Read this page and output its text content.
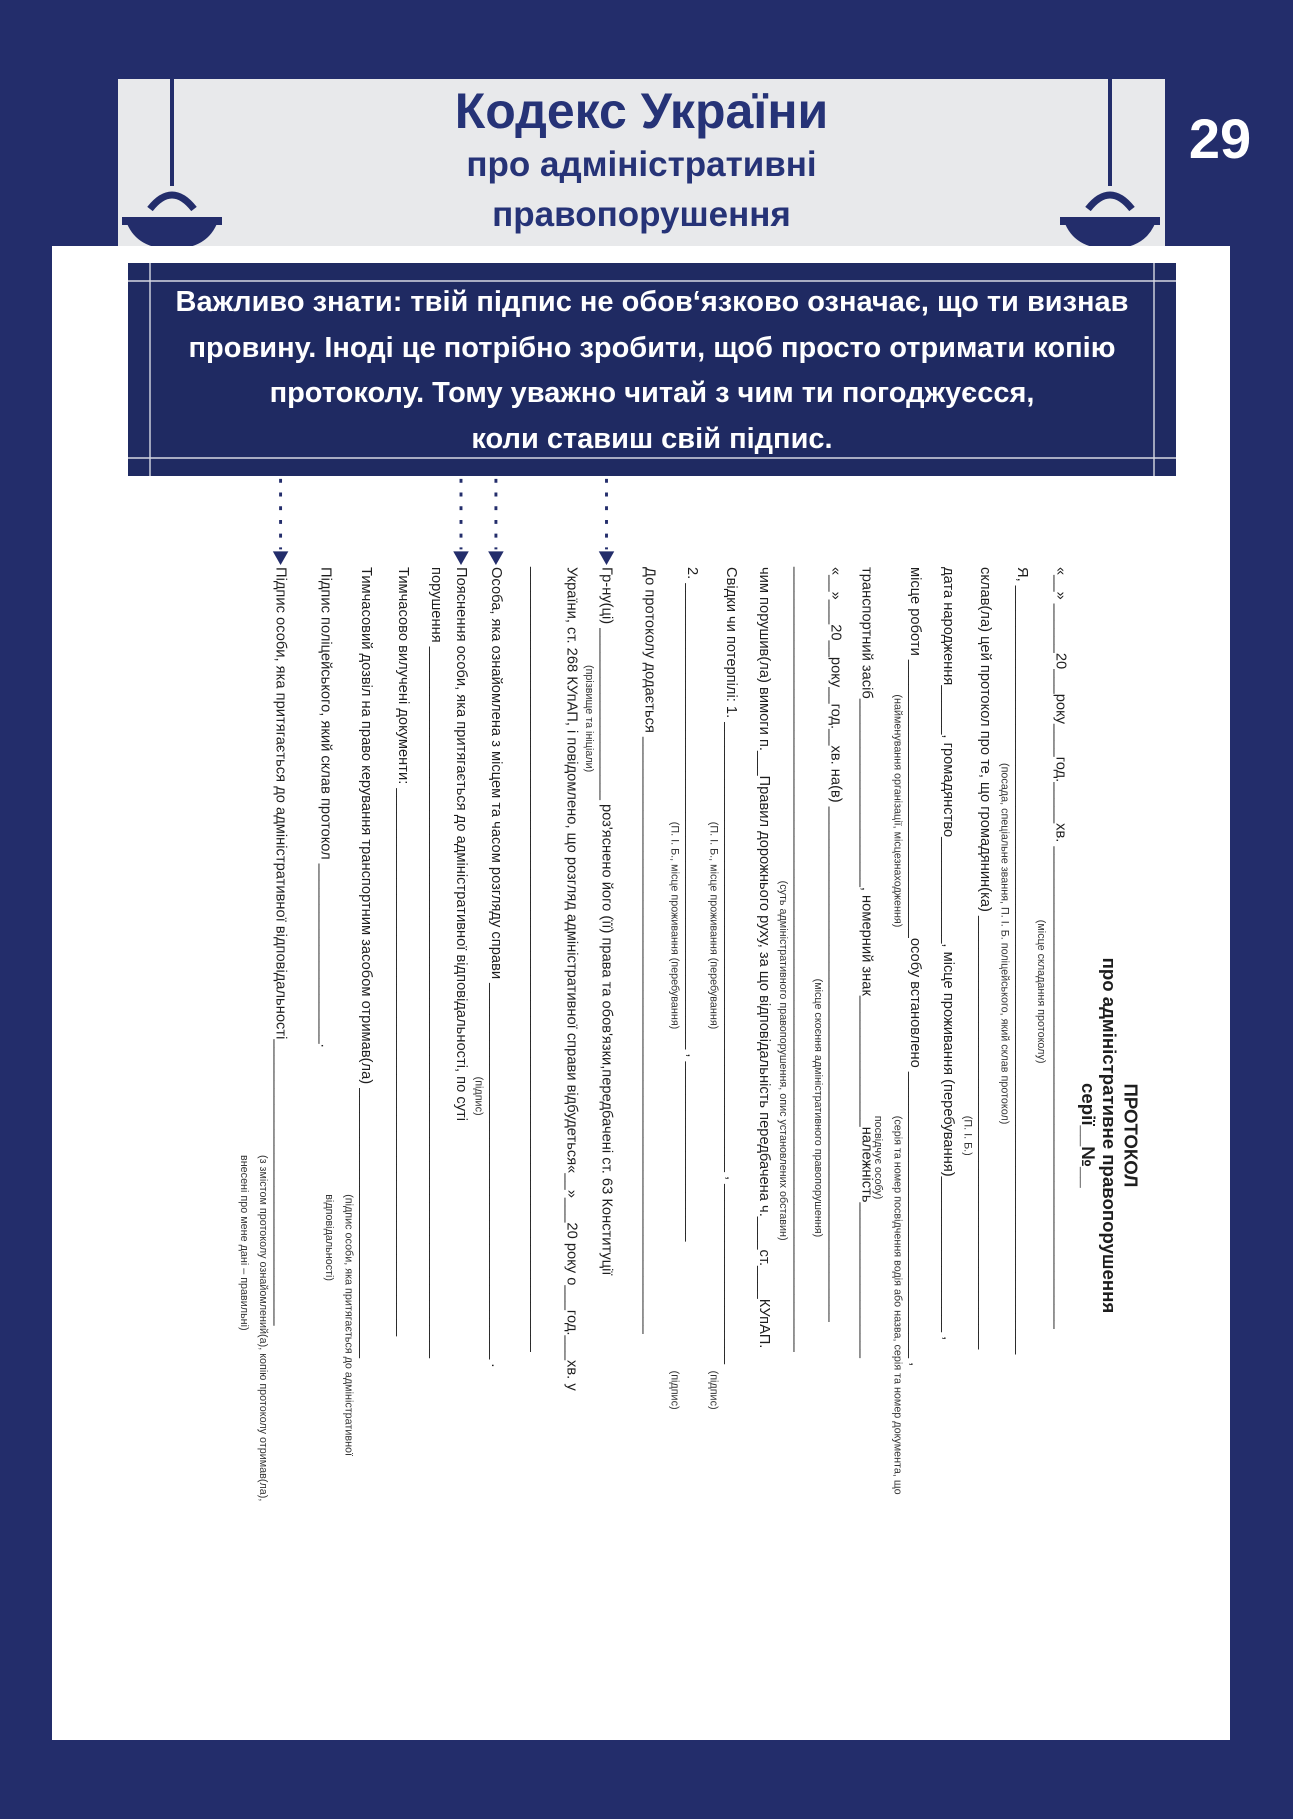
Кодекс України
про адміністративні
правопорушення
29
Важливо знати: твій підпис не обов‘язково означає, що ти визнав
провину. Іноді це потрібно зробити, щоб просто отримати копію
протоколу. Тому уважно читай з чим ти погоджуєсся,
коли ставиш свій підпис.
ПРОТОКОЛ
про адміністративне правопорушення
серії__№__
«__» ______20___рoку____год._____хв. ___________________________________________________________
(місце складання протоколу)
Я, ______________________________________________________________________________________________
(посада, спеціальне звання, П. І. Б. поліцейського, який склав протокол)
склав(ла) цей протокол про те, що громадянин(ка) _____________________________________________________
(П. І. Б.)
дата народження______, громадянство_____________, місце проживання (перебування)___________________ ,
місце роботи __________________________________особу встановлено ___________________________________ ,
(найменування організації, місцезнаходження)
(серія та номер посвідчення водія або назва, серія та номер документа, що посвідчує особу)
транспортний засіб_______________________, номерний знак________________належність___________________
«__»___20__року__год.__хв. на(в) _______________________________________________________________
(місце скоєння адміністративного правопорушення)
________________________________________________________________________________________________
(суть адміністративного правопорушення, опис установлених обставин)
чим порушив(ла) вимоги п.___Правил дорожнього руху, за що відповідальність передбачена ч.____ст.____КУпАП.
Свідки чи потерпілі: 1. _______________________________________________________ , ______________________
(П. І. Б., місце проживання (перебування)
(підпис)
2. _________________________________________________________ , ______________________
(П. І. Б., місце проживання (перебування)
(підпис)
До протоколу додається _________________________________________________________________________
Гр-ну(ці) _____________________ роз'яснено його (її) права та обов'язки,передбачені ст. 63 Конституції
(прізвище та ініціали)
України, ст. 268 КУпАП, і повідомлено, що розгляд адміністративної справи відбудеться«__»___20 року о___год.___хв. у
________________________________________________________________________________________________
Особа, яка ознайомлена з місцем та часом розгляду справи ______________________________________________ .
(підпис)
Пояснення особи, яка притягається до адміністративної відповідальності, по суті
порушення _______________________________________________________________________________________
Тимчасово вилучені документи: ___________________________________________________________________
Тимчасовий дозвіл на право керування транспортним засобом отримав(ла) _________________________________
(підпис особи, яка притягається до адміністративної відповідальності)
Підпис поліцейського, який склав протокол ______________________.
Підпис особи, яка притягається до адміністративної відповідальності___________________________________
(з змістом протоколу ознайомлений(а), копію протоколу отримав(ла), внесені про мене дані – правильні)
